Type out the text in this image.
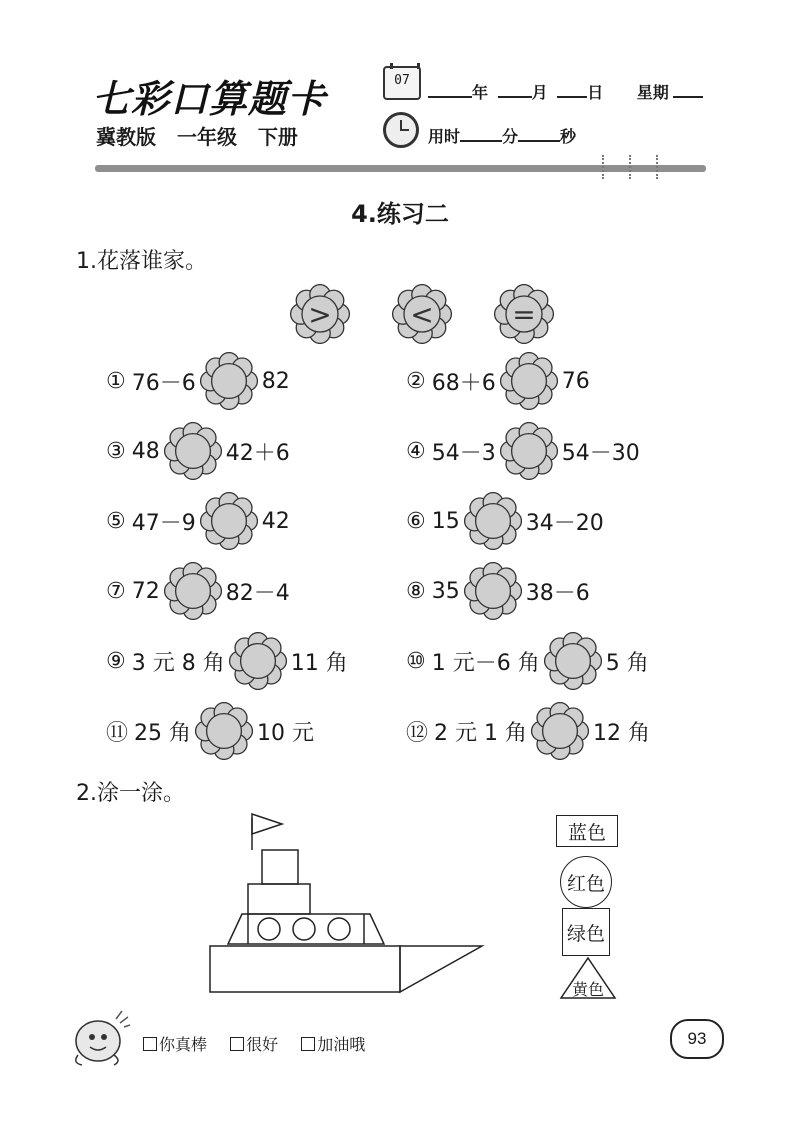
七彩口算题卡
冀教版 一年级 下册
07
年	月 日 星期
用时	分	秒
4.练习二
1.花落谁家。
>	<	=
① 76－6	82	② 68＋6	76
③ 48	42＋6	④ 54－3	54－30
⑤ 47－9	42	⑥ 15	34－20
⑦ 72	82－4	⑧ 35	38－6
⑨ 3 元 8 角	11 角	⑩ 1 元－6 角	5 角
⑪ 25 角	10 元	⑫ 2 元 1 角	12 角
2.涂一涂。
蓝色
红色
绿色
黄色
你真棒 很好 加油哦	93
